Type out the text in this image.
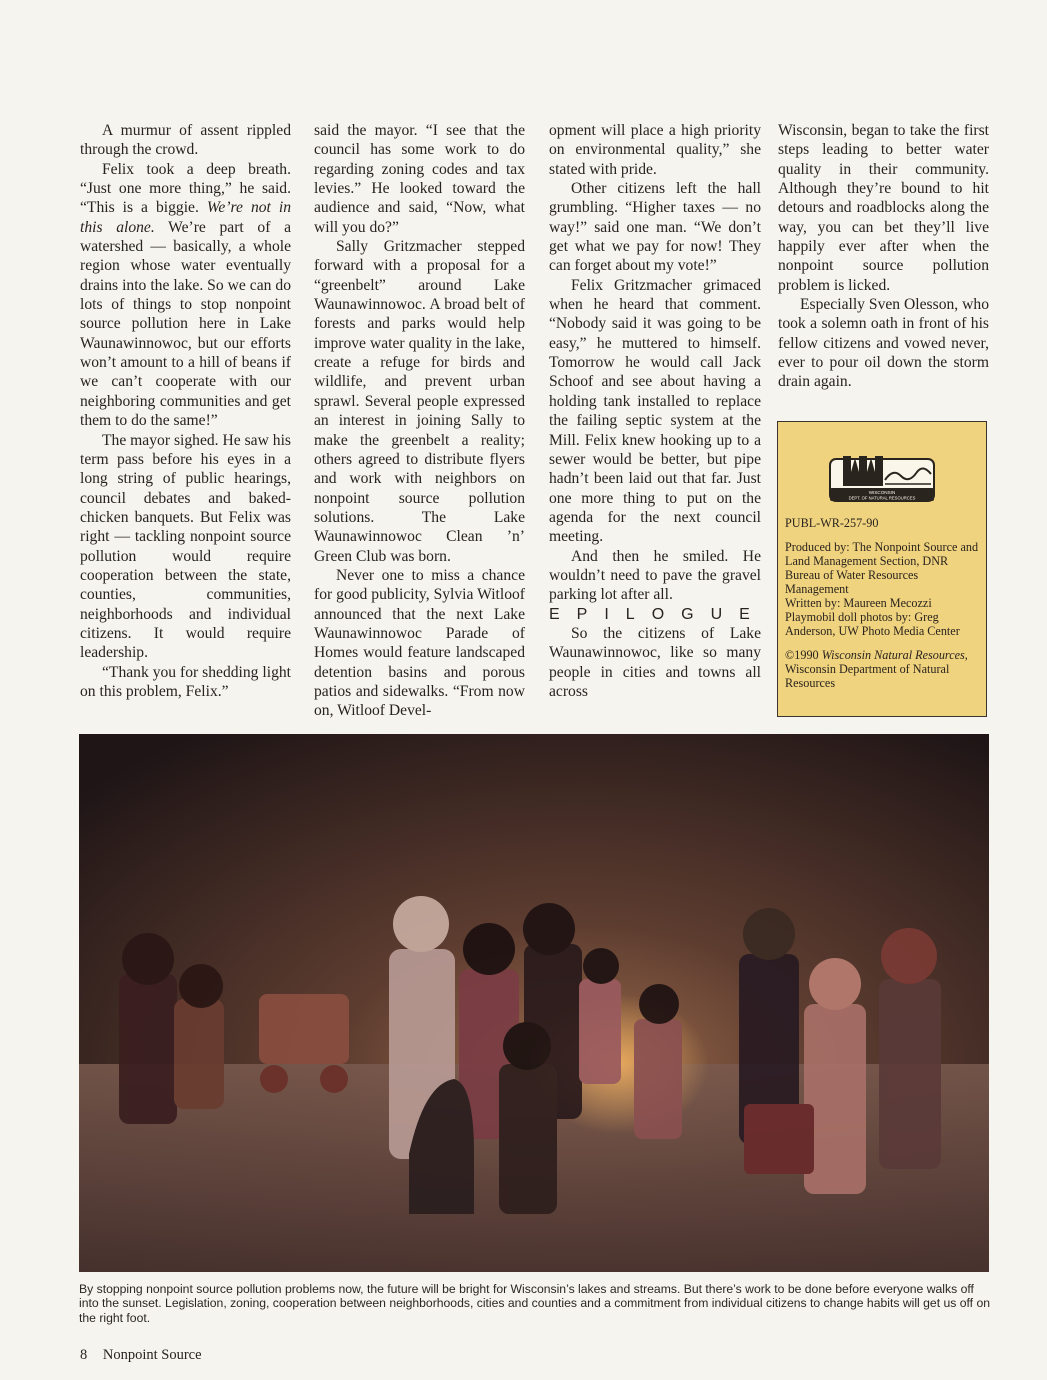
A murmur of assent rippled through the crowd.

Felix took a deep breath. “Just one more thing,” he said. “This is a biggie. We’re not in this alone. We’re part of a watershed — basically, a whole region whose water eventually drains into the lake. So we can do lots of things to stop nonpoint source pollution here in Lake Waunawinnowoc, but our efforts won’t amount to a hill of beans if we can’t cooperate with our neighboring communities and get them to do the same!”

The mayor sighed. He saw his term pass before his eyes in a long string of public hearings, council debates and baked-chicken banquets. But Felix was right — tackling nonpoint source pollution would require cooperation between the state, counties, communities, neighborhoods and individual citizens. It would require leadership.

“Thank you for shedding light on this problem, Felix.”

said the mayor. “I see that the council has some work to do regarding zoning codes and tax levies.” He looked toward the audience and said, “Now, what will you do?”

Sally Gritzmacher stepped forward with a proposal for a “greenbelt” around Lake Waunawinnowoc. A broad belt of forests and parks would help improve water quality in the lake, create a refuge for birds and wildlife, and prevent urban sprawl. Several people expressed an interest in joining Sally to make the greenbelt a reality; others agreed to distribute flyers and work with neighbors on nonpoint source pollution solutions. The Lake Waunawinnowoc Clean ’n’ Green Club was born.

Never one to miss a chance for good publicity, Sylvia Witloof announced that the next Lake Waunawinnowoc Parade of Homes would feature landscaped detention basins and porous patios and sidewalks. “From now on, Witloof Devel-

opment will place a high priority on environmental quality,” she stated with pride.

Other citizens left the hall grumbling. “Higher taxes — no way!” said one man. “We don’t get what we pay for now! They can forget about my vote!”

Felix Gritzmacher grimaced when he heard that comment. “Nobody said it was going to be easy,” he muttered to himself. Tomorrow he would call Jack Schoof and see about having a holding tank installed to replace the failing septic system at the Mill. Felix knew hooking up to a sewer would be better, but pipe hadn’t been laid out that far. Just one more thing to put on the agenda for the next council meeting.

And then he smiled. He wouldn’t need to pave the gravel parking lot after all.

EPILOGUE

So the citizens of Lake Waunawinnowoc, like so many people in cities and towns all across

Wisconsin, began to take the first steps leading to better water quality in their community. Although they’re bound to hit detours and roadblocks along the way, you can bet they’ll live happily ever after when the nonpoint source pollution problem is licked.

Especially Sven Olesson, who took a solemn oath in front of his fellow citizens and vowed never, ever to pour oil down the storm drain again.

WISCONSIN
DEPT. OF NATURAL RESOURCES

PUBL-WR-257-90

Produced by: The Nonpoint Source and Land Management Section, DNR Bureau of Water Resources Management

Written by: Maureen Mecozzi

Playmobil doll photos by: Greg Anderson, UW Photo Media Center

©1990 Wisconsin Natural Resources, Wisconsin Department of Natural Resources

By stopping nonpoint source pollution problems now, the future will be bright for Wisconsin’s lakes and streams. But there’s work to be done before everyone walks off into the sunset. Legislation, zoning, cooperation between neighborhoods, cities and counties and a commitment from individual citizens to change habits will get us off on the right foot.
8 Nonpoint Source
